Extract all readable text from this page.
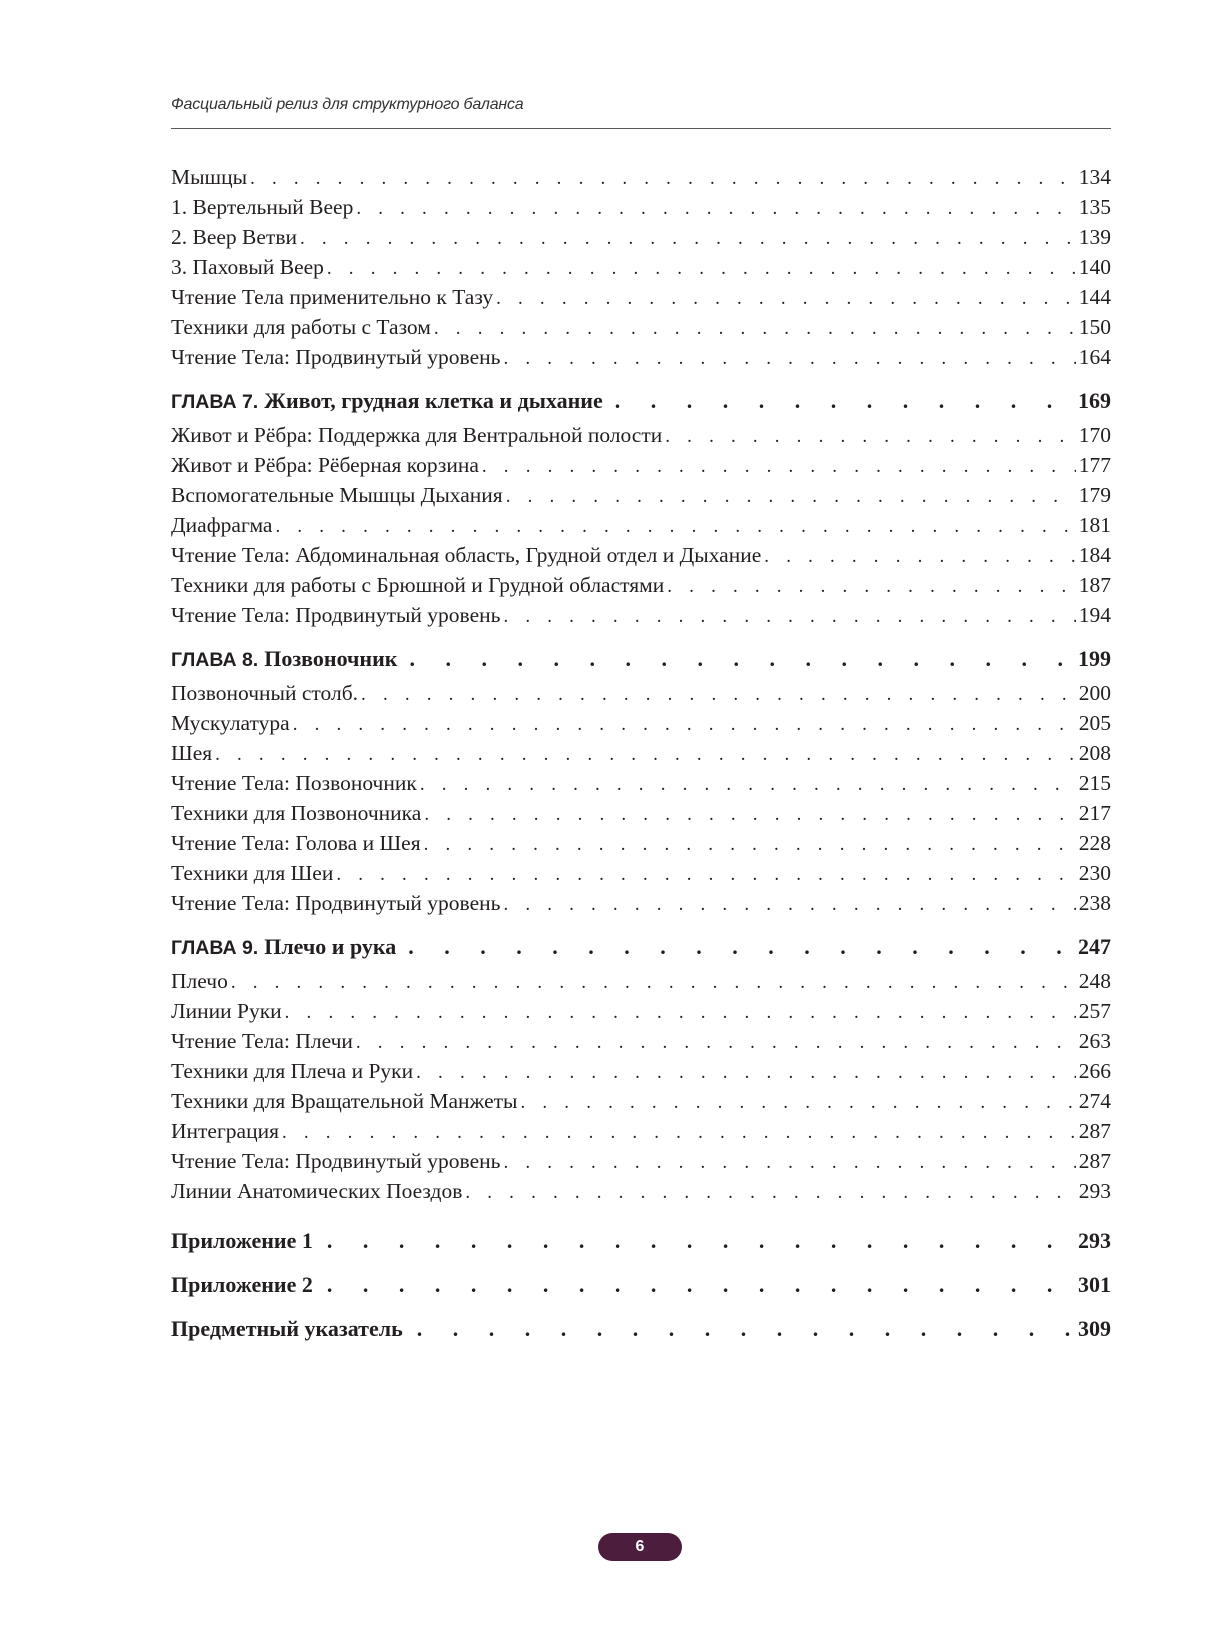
Фасциальный релиз для структурного баланса
Мышцы . . .	134
1. Вертельный Веер . . .	135
2. Веер Ветви . . .	139
3. Паховый Веер . . .	140
Чтение Тела применительно к Тазу . . .	144
Техники для работы с Тазом . . .	150
Чтение Тела: Продвинутый уровень . . .	164
ГЛАВА 7. Живот, грудная клетка и дыхание . . .	169
Живот и Рёбра: Поддержка для Вентральной полости . . .	170
Живот и Рёбра: Рёберная корзина . . .	177
Вспомогательные Мышцы Дыхания . . .	179
Диафрагма . . .	181
Чтение Тела: Абдоминальная область, Грудной отдел и Дыхание . . .	184
Техники для работы с Брюшной и Грудной областями . . .	187
Чтение Тела: Продвинутый уровень . . .	194
ГЛАВА 8. Позвоночник . . .	199
Позвоночный столб. . . .	200
Мускулатура . . .	205
Шея . . .	208
Чтение Тела: Позвоночник . . .	215
Техники для Позвоночника . . .	217
Чтение Тела: Голова и Шея . . .	228
Техники для Шеи . . .	230
Чтение Тела: Продвинутый уровень . . .	238
ГЛАВА 9. Плечо и рука . . .	247
Плечо . . .	248
Линии Руки . . .	257
Чтение Тела: Плечи . . .	263
Техники для Плеча и Руки . . .	266
Техники для Вращательной Манжеты . . .	274
Интеграция . . .	287
Чтение Тела: Продвинутый уровень . . .	287
Линии Анатомических Поездов . . .	293
Приложение 1 . . .	293
Приложение 2 . . .	301
Предметный указатель . . .	309
6
